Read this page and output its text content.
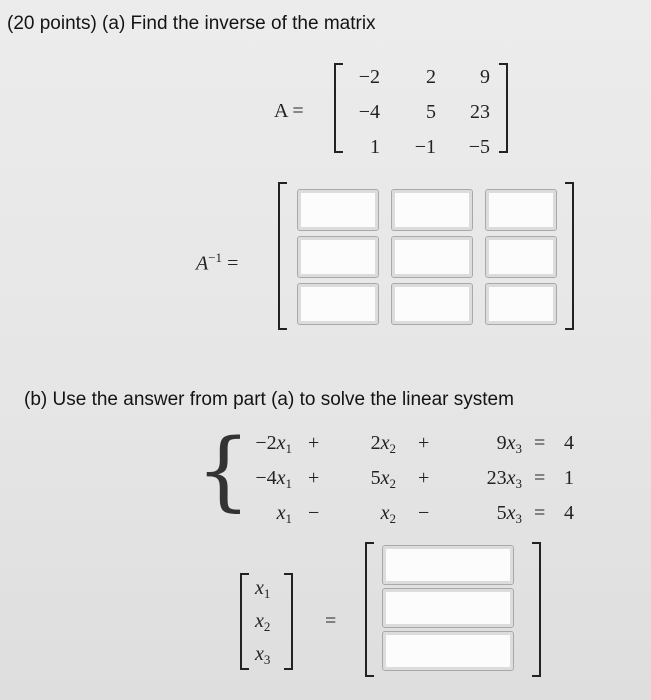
(20 points) (a) Find the inverse of the matrix
A =
−2	2	9
−4	5	23
1	−1	−5
$A^{-1}$ =
(b) Use the answer from part (a) to solve the linear system
{ $-2x_1$ +	$2x_2$ +	$9x_3 = 4$
$-4x_1$ +	$5x_2$ +	$23x_3 = 1$
$x_1$ −	$x_2$ −	$5x_3 = 4$
$x_1$
$x_2$
$x_3$
=
